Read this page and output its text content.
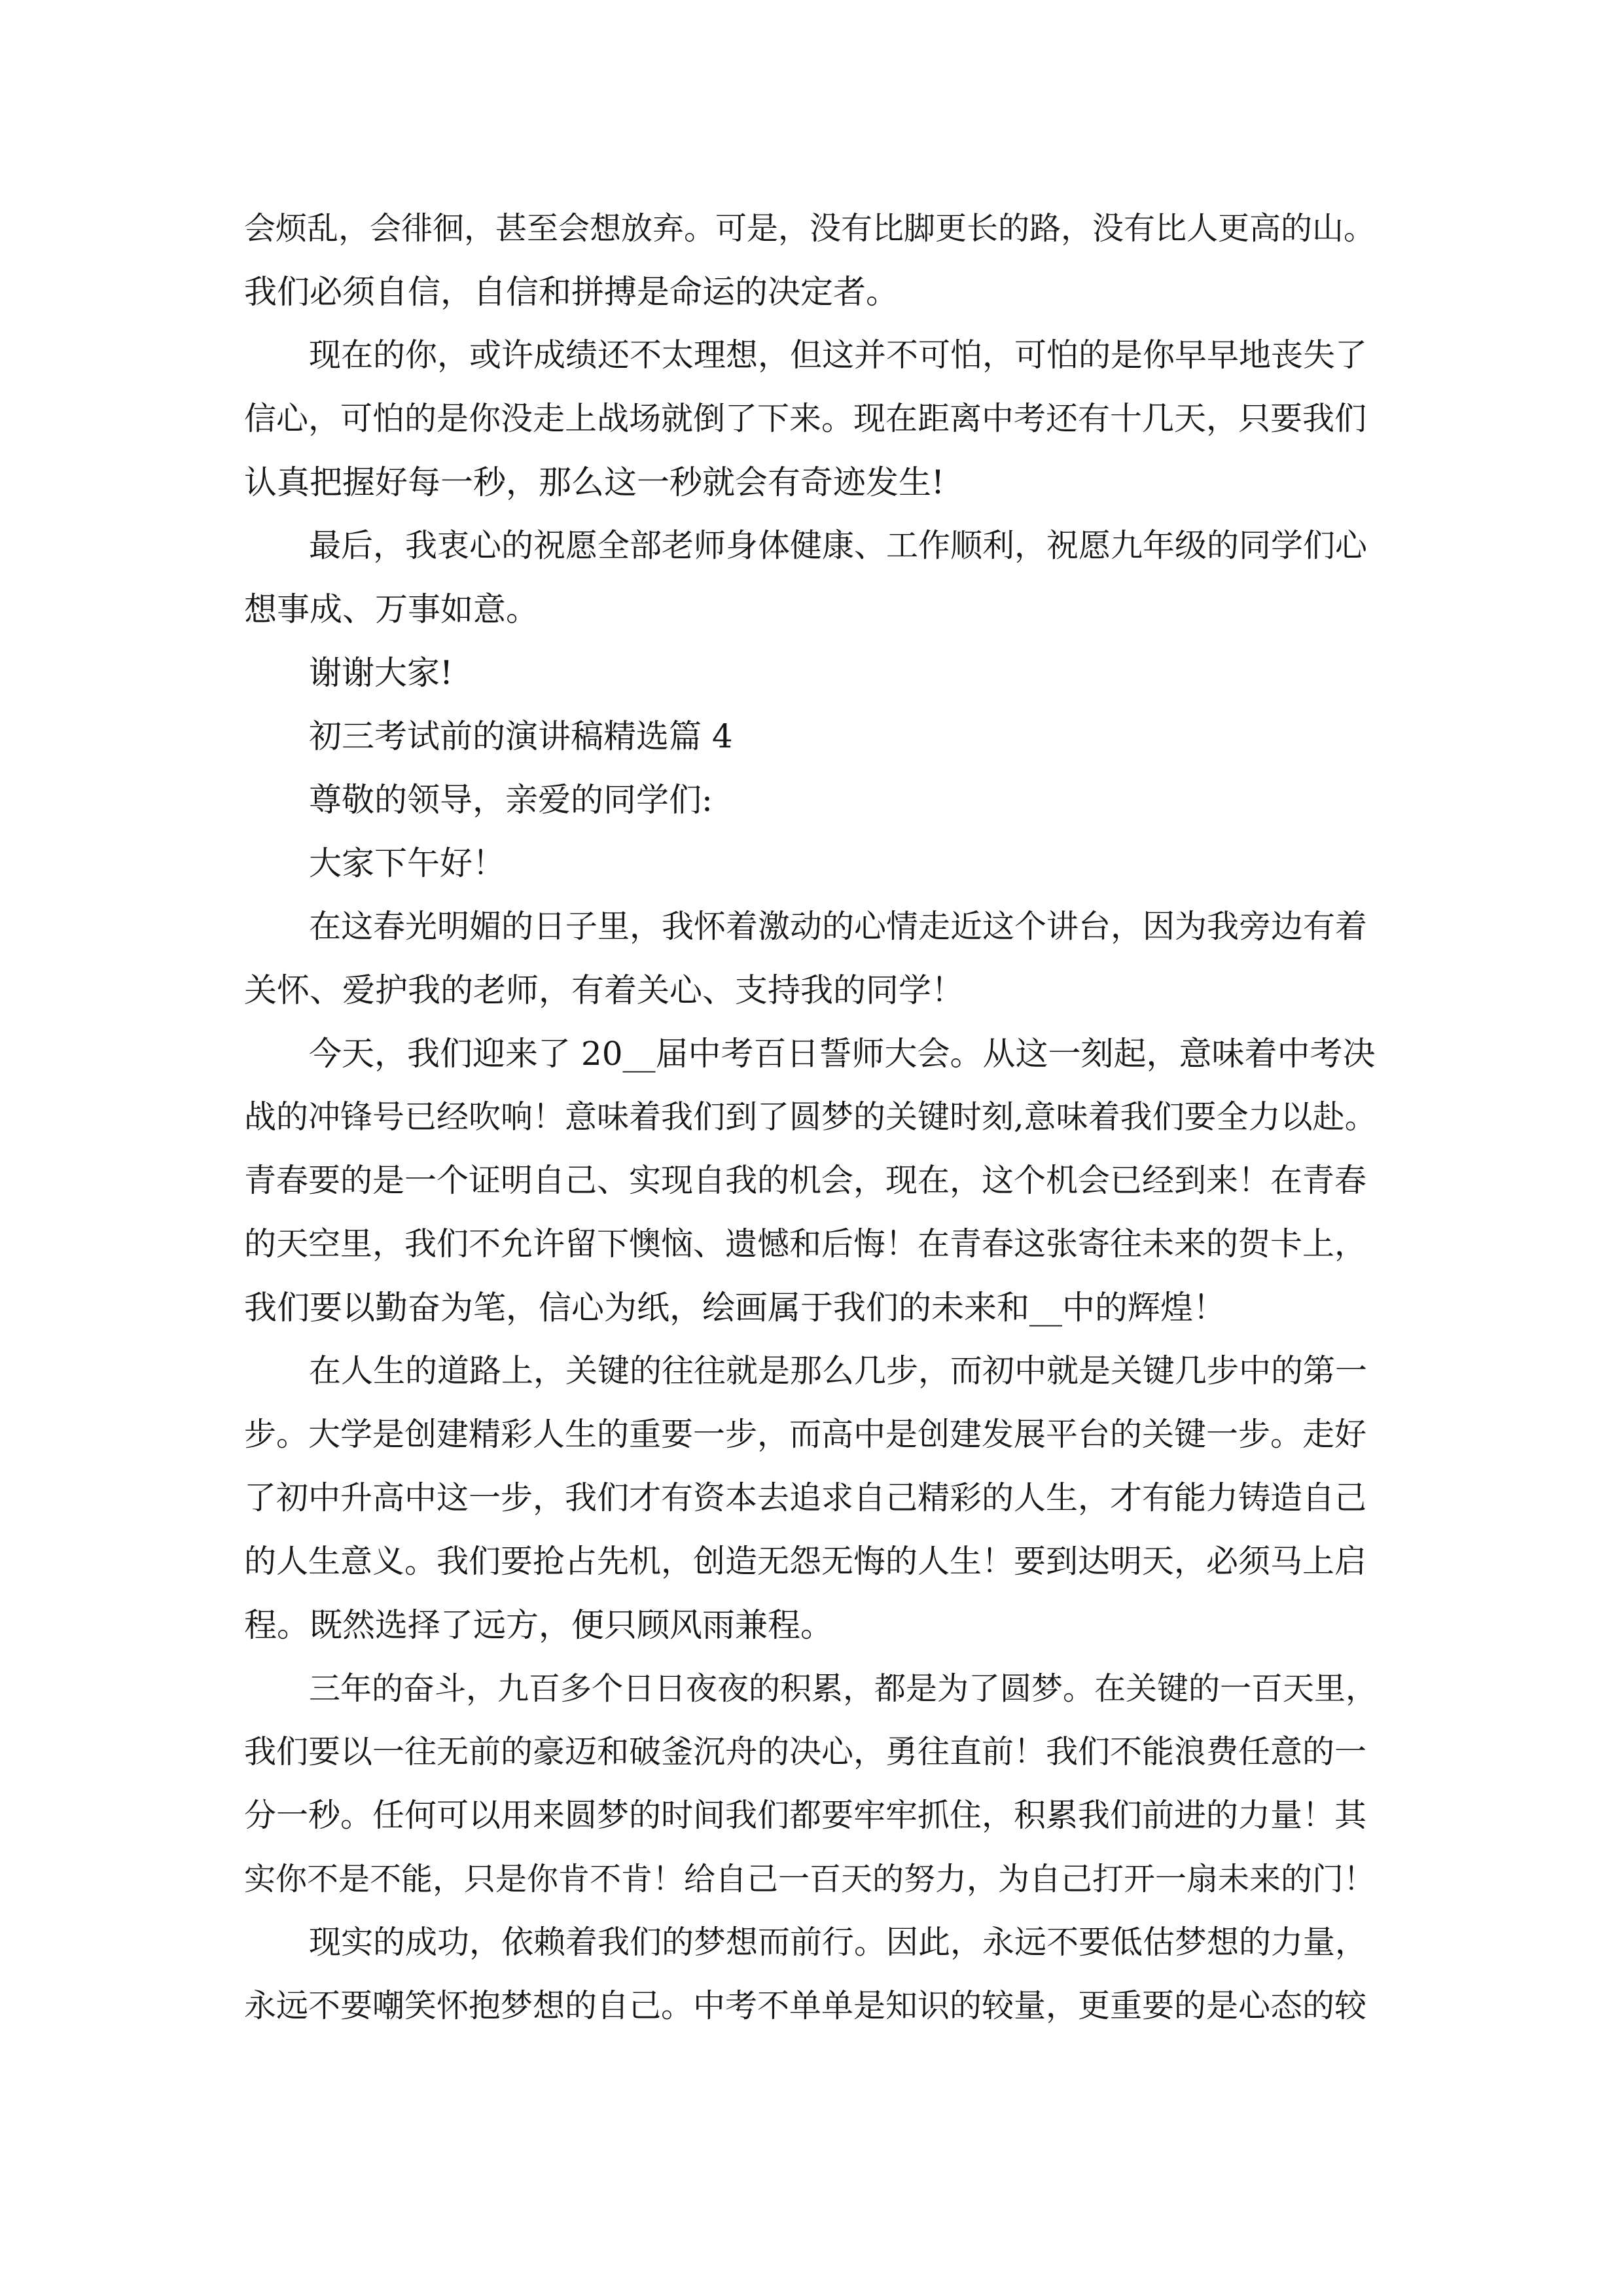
会烦乱，会徘徊，甚至会想放弃。可是，没有比脚更长的路，没有比人更高的山。

我们必须自信，自信和拼搏是命运的决定者。

现在的你，或许成绩还不太理想，但这并不可怕，可怕的是你早早地丧失了

信心，可怕的是你没走上战场就倒了下来。现在距离中考还有十几天，只要我们

认真把握好每一秒，那么这一秒就会有奇迹发生!

最后，我衷心的祝愿全部老师身体健康、工作顺利，祝愿九年级的同学们心

想事成、万事如意。

谢谢大家!

初三考试前的演讲稿精选篇 4

尊敬的领导，亲爱的同学们:

大家下午好！

在这春光明媚的日子里，我怀着激动的心情走近这个讲台，因为我旁边有着

关怀、爱护我的老师，有着关心、支持我的同学！

今天，我们迎来了 20__届中考百日誓师大会。从这一刻起，意味着中考决

战的冲锋号已经吹响！意味着我们到了圆梦的关键时刻,意味着我们要全力以赴。

青春要的是一个证明自己、实现自我的机会，现在，这个机会已经到来！在青春

的天空里，我们不允许留下懊恼、遗憾和后悔！在青春这张寄往未来的贺卡上，

我们要以勤奋为笔，信心为纸，绘画属于我们的未来和__中的辉煌！

在人生的道路上，关键的往往就是那么几步，而初中就是关键几步中的第一

步。大学是创建精彩人生的重要一步，而高中是创建发展平台的关键一步。走好

了初中升高中这一步，我们才有资本去追求自己精彩的人生，才有能力铸造自己

的人生意义。我们要抢占先机，创造无怨无悔的人生！要到达明天，必须马上启

程。既然选择了远方，便只顾风雨兼程。

三年的奋斗，九百多个日日夜夜的积累，都是为了圆梦。在关键的一百天里，

我们要以一往无前的豪迈和破釜沉舟的决心，勇往直前！我们不能浪费任意的一

分一秒。任何可以用来圆梦的时间我们都要牢牢抓住，积累我们前进的力量！其

实你不是不能，只是你肯不肯！给自己一百天的努力，为自己打开一扇未来的门！

现实的成功，依赖着我们的梦想而前行。因此，永远不要低估梦想的力量，

永远不要嘲笑怀抱梦想的自己。中考不单单是知识的较量，更重要的是心态的较
